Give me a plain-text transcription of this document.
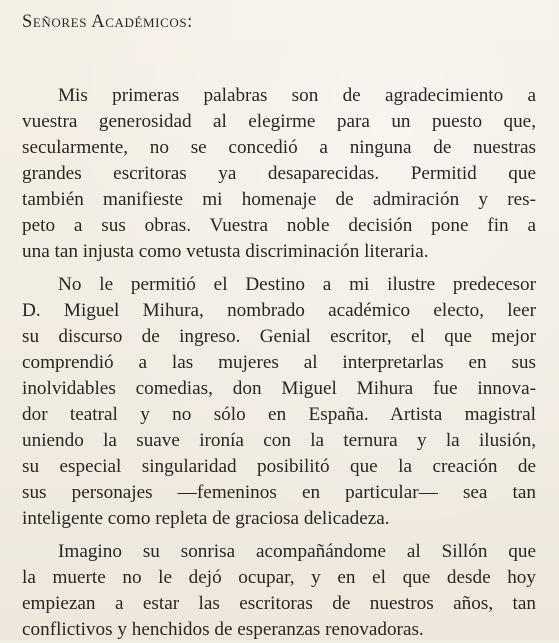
Señores Académicos:
Mis primeras palabras son de agradecimiento a
vuestra generosidad al elegirme para un puesto que,
secularmente, no se concedió a ninguna de nuestras
grandes escritoras ya desaparecidas. Permitid que
también manifieste mi homenaje de admiración y res-
peto a sus obras. Vuestra noble decisión pone fin a
una tan injusta como vetusta discriminación literaria.
No le permitió el Destino a mi ilustre predecesor
D. Miguel Mihura, nombrado académico electo, leer
su discurso de ingreso. Genial escritor, el que mejor
comprendió a las mujeres al interpretarlas en sus
inolvidables comedias, don Miguel Mihura fue innova-
dor teatral y no sólo en España. Artista magistral
uniendo la suave ironía con la ternura y la ilusión,
su especial singularidad posibilitó que la creación de
sus personajes —femeninos en particular— sea tan
inteligente como repleta de graciosa delicadeza.
Imagino su sonrisa acompañándome al Sillón que
la muerte no le dejó ocupar, y en el que desde hoy
empiezan a estar las escritoras de nuestros años, tan
conflictivos y henchidos de esperanzas renovadoras.
